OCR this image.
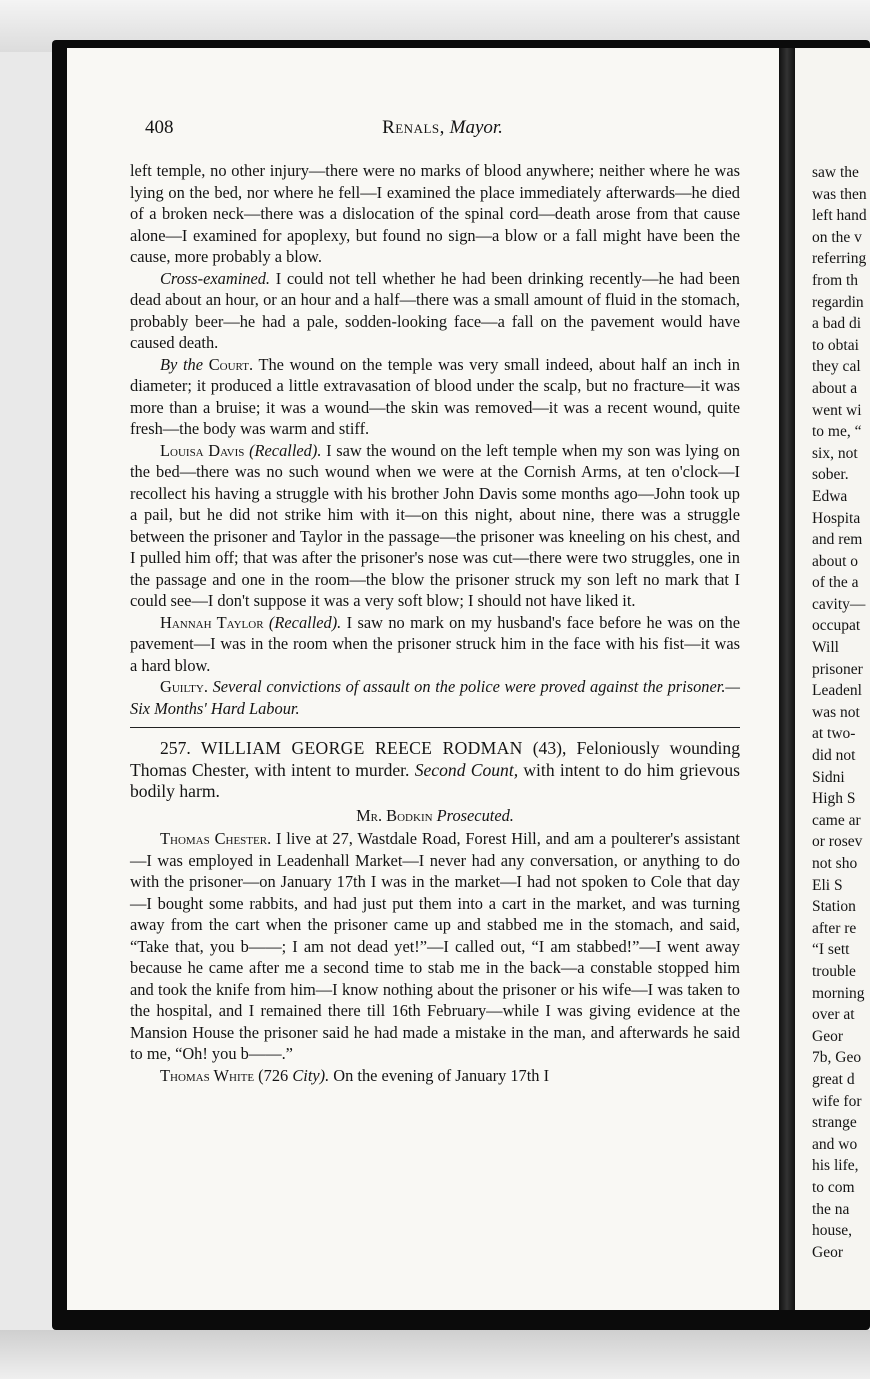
408	Renals, Mayor.

left temple, no other injury—there were no marks of blood anywhere; neither where he was lying on the bed, nor where he fell—I examined the place immediately afterwards—he died of a broken neck—there was a dislocation of the spinal cord—death arose from that cause alone—I examined for apoplexy, but found no sign—a blow or a fall might have been the cause, more probably a blow.

Cross-examined. I could not tell whether he had been drinking recently—he had been dead about an hour, or an hour and a half—there was a small amount of fluid in the stomach, probably beer—he had a pale, sodden-looking face—a fall on the pavement would have caused death.

By the Court. The wound on the temple was very small indeed, about half an inch in diameter; it produced a little extravasation of blood under the scalp, but no fracture—it was more than a bruise; it was a wound—the skin was removed—it was a recent wound, quite fresh—the body was warm and stiff.

Louisa Davis (Recalled). I saw the wound on the left temple when my son was lying on the bed—there was no such wound when we were at the Cornish Arms, at ten o'clock—I recollect his having a struggle with his brother John Davis some months ago—John took up a pail, but he did not strike him with it—on this night, about nine, there was a struggle between the prisoner and Taylor in the passage—the prisoner was kneeling on his chest, and I pulled him off; that was after the prisoner's nose was cut—there were two struggles, one in the passage and one in the room—the blow the prisoner struck my son left no mark that I could see—I don't suppose it was a very soft blow; I should not have liked it.

Hannah Taylor (Recalled). I saw no mark on my husband's face before he was on the pavement—I was in the room when the prisoner struck him in the face with his fist—it was a hard blow.

Guilty. Several convictions of assault on the police were proved against the prisoner.—Six Months' Hard Labour.

257. WILLIAM GEORGE REECE RODMAN (43), Feloniously wounding Thomas Chester, with intent to murder. Second Count, with intent to do him grievous bodily harm.

Mr. Bodkin Prosecuted.

Thomas Chester. I live at 27, Wastdale Road, Forest Hill, and am a poulterer's assistant—I was employed in Leadenhall Market—I never had any conversation, or anything to do with the prisoner—on January 17th I was in the market—I had not spoken to Cole that day—I bought some rabbits, and had just put them into a cart in the market, and was turning away from the cart when the prisoner came up and stabbed me in the stomach, and said, “Take that, you b——; I am not dead yet!”—I called out, “I am stabbed!”—I went away because he came after me a second time to stab me in the back—a constable stopped him and took the knife from him—I know nothing about the prisoner or his wife—I was taken to the hospital, and I remained there till 16th February—while I was giving evidence at the Mansion House the prisoner said he had made a mistake in the man, and afterwards he said to me, “Oh! you b——.”

Thomas White (726 City). On the evening of January 17th I

saw the
was then
left hand
on the v
referring
from th
regardin
a bad di
to obtai
they cal
about a
went wi
to me, “
six, not
sober.
Edwa
Hospita
and rem
about o
of the a
cavity—
occupat
Will
prisoner
Leadenl
was not
at two-
did not
Sidni
High S
came ar
or rosev
not sho
Eli S
Station
after re
“I sett
trouble
morning
over at
Geor
7b, Geo
great d
wife for
strange
and wo
his life,
to com
the na
house,
Geor
